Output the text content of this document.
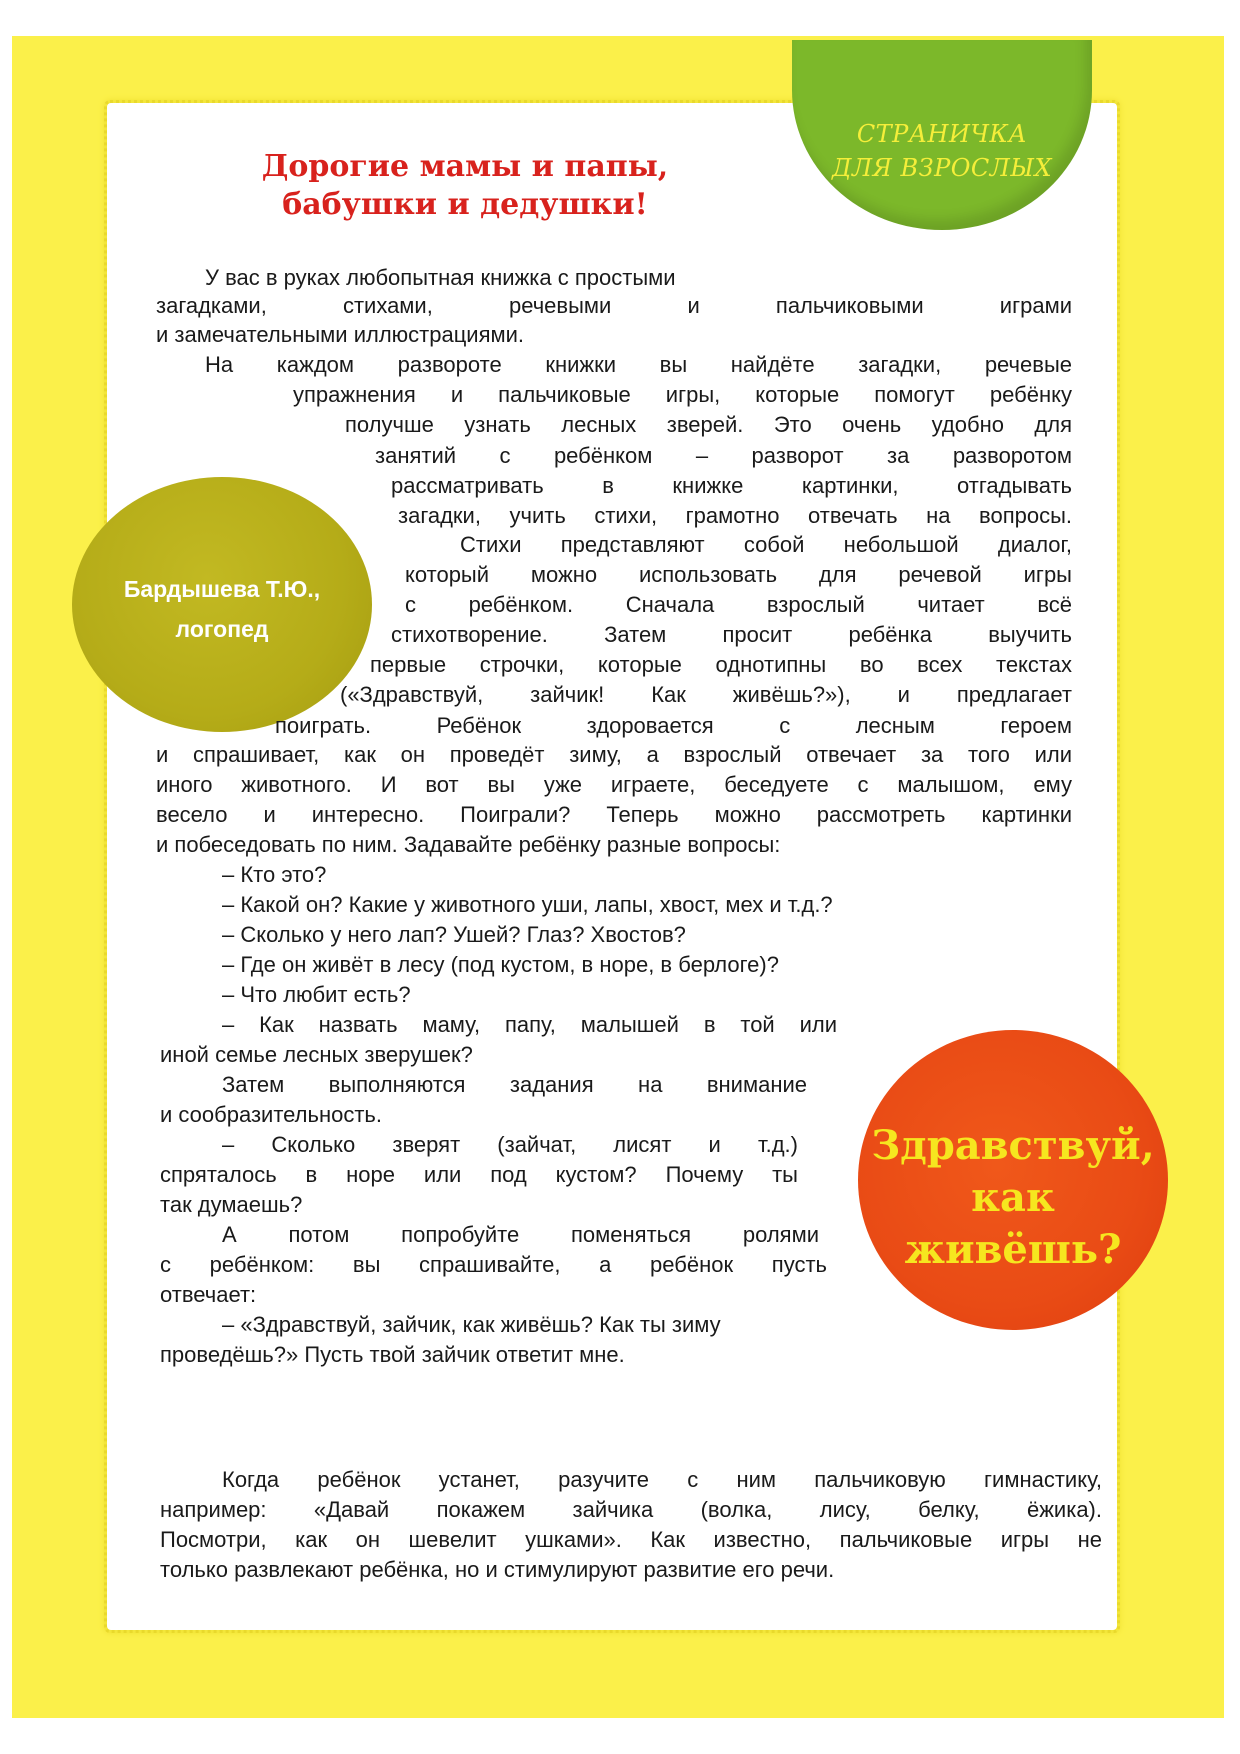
СТРАНИЧКА
ДЛЯ ВЗРОСЛЫХ
Дорогие мамы и папы,
бабушки и дедушки!
Бардышева Т.Ю.,
логопед
Здравствуй,
как
живёшь?
У вас в руках любопытная книжка с простыми
загадками, стихами, речевыми и пальчиковыми играми
и замечательными иллюстрациями.
На каждом развороте книжки вы найдёте загадки, речевые
упражнения и пальчиковые игры, которые помогут ребёнку
получше узнать лесных зверей. Это очень удобно для
занятий с ребёнком – разворот за разворотом
рассматривать в книжке картинки, отгадывать
загадки, учить стихи, грамотно отвечать на вопросы.
Стихи представляют собой небольшой диалог,
который можно использовать для речевой игры
с ребёнком. Сначала взрослый читает всё
стихотворение. Затем просит ребёнка выучить
первые строчки, которые однотипны во всех текстах
(«Здравствуй, зайчик! Как живёшь?»), и предлагает
поиграть. Ребёнок здоровается с лесным героем
и спрашивает, как он проведёт зиму, а взрослый отвечает за того или
иного животного. И вот вы уже играете, беседуете с малышом, ему
весело и интересно. Поиграли? Теперь можно рассмотреть картинки
и побеседовать по ним. Задавайте ребёнку разные вопросы:
– Кто это?
– Какой он? Какие у животного уши, лапы, хвост, мех и т.д.?
– Сколько у него лап? Ушей? Глаз? Хвостов?
– Где он живёт в лесу (под кустом, в норе, в берлоге)?
– Что любит есть?
– Как назвать маму, папу, малышей в той или
иной семье лесных зверушек?
Затем выполняются задания на внимание
и сообразительность.
– Сколько зверят (зайчат, лисят и т.д.)
спряталось в норе или под кустом? Почему ты
так думаешь?
А потом попробуйте поменяться ролями
с ребёнком: вы спрашивайте, а ребёнок пусть
отвечает:
– «Здравствуй, зайчик, как живёшь? Как ты зиму
проведёшь?» Пусть твой зайчик ответит мне.
Когда ребёнок устанет, разучите с ним пальчиковую гимнастику,
например: «Давай покажем зайчика (волка, лису, белку, ёжика).
Посмотри, как он шевелит ушками». Как известно, пальчиковые игры не
только развлекают ребёнка, но и стимулируют развитие его речи.
